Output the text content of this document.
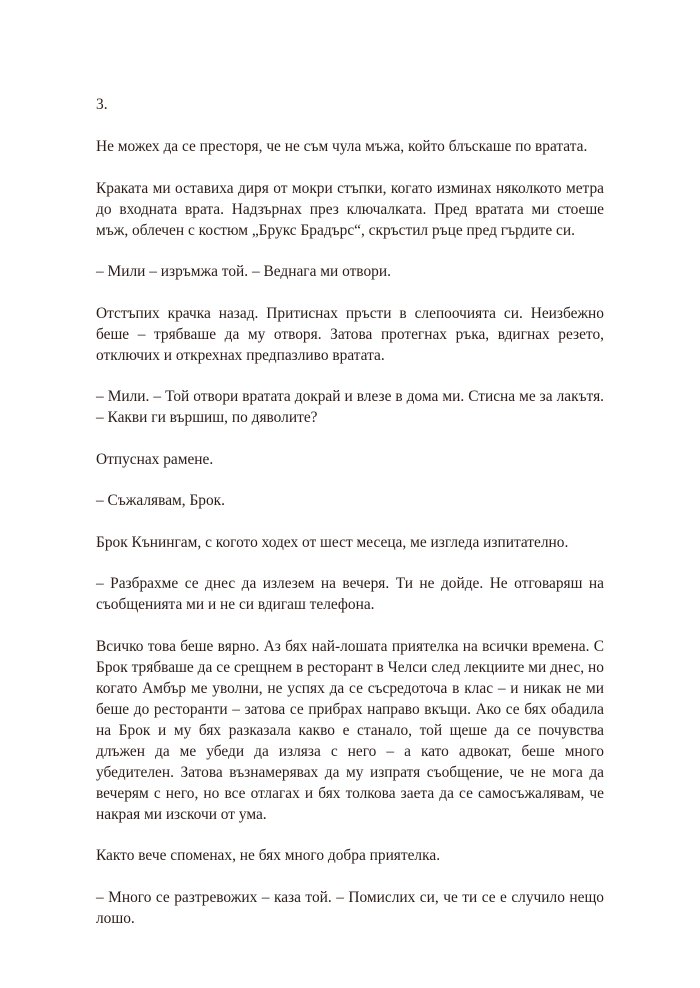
3.

Не можех да се престоря, че не съм чула мъжа, който блъскаше по вратата.

Краката ми оставиха диря от мокри стъпки, когато изминах няколкото метра до входната врата. Надзърнах през ключалката. Пред вратата ми стоеше мъж, облечен с костюм „Брукс Брадърс“, скръстил ръце пред гърдите си.

– Мили – изръмжа той. – Веднага ми отвори.

Отстъпих крачка назад. Притиснах пръсти в слепоочията си. Неизбежно беше – трябваше да му отворя. Затова протегнах ръка, вдигнах резето, отключих и открехнах предпазливо вратата.

– Мили. – Той отвори вратата докрай и влезе в дома ми. Стисна ме за лакътя. – Какви ги вършиш, по дяволите?

Отпуснах рамене.

– Съжалявам, Брок.

Брок Кънингам, с когото ходех от шест месеца, ме изгледа изпитателно.

– Разбрахме се днес да излезем на вечеря. Ти не дойде. Не отговаряш на съобщенията ми и не си вдигаш телефона.

Всичко това беше вярно. Аз бях най-лошата приятелка на всички времена. С Брок трябваше да се срещнем в ресторант в Челси след лекциите ми днес, но когато Амбър ме уволни, не успях да се съсредоточа в клас – и никак не ми беше до ресторанти – затова се прибрах направо вкъщи. Ако се бях обадила на Брок и му бях разказала какво е станало, той щеше да се почувства длъжен да ме убеди да изляза с него – а като адвокат, беше много убедителен. Затова възнамерявах да му изпратя съобщение, че не мога да вечерям с него, но все отлагах и бях толкова заета да се самосъжалявам, че накрая ми изскочи от ума.

Както вече споменах, не бях много добра приятелка.

– Много се разтревожих – каза той. – Помислих си, че ти се е случило нещо лошо.
